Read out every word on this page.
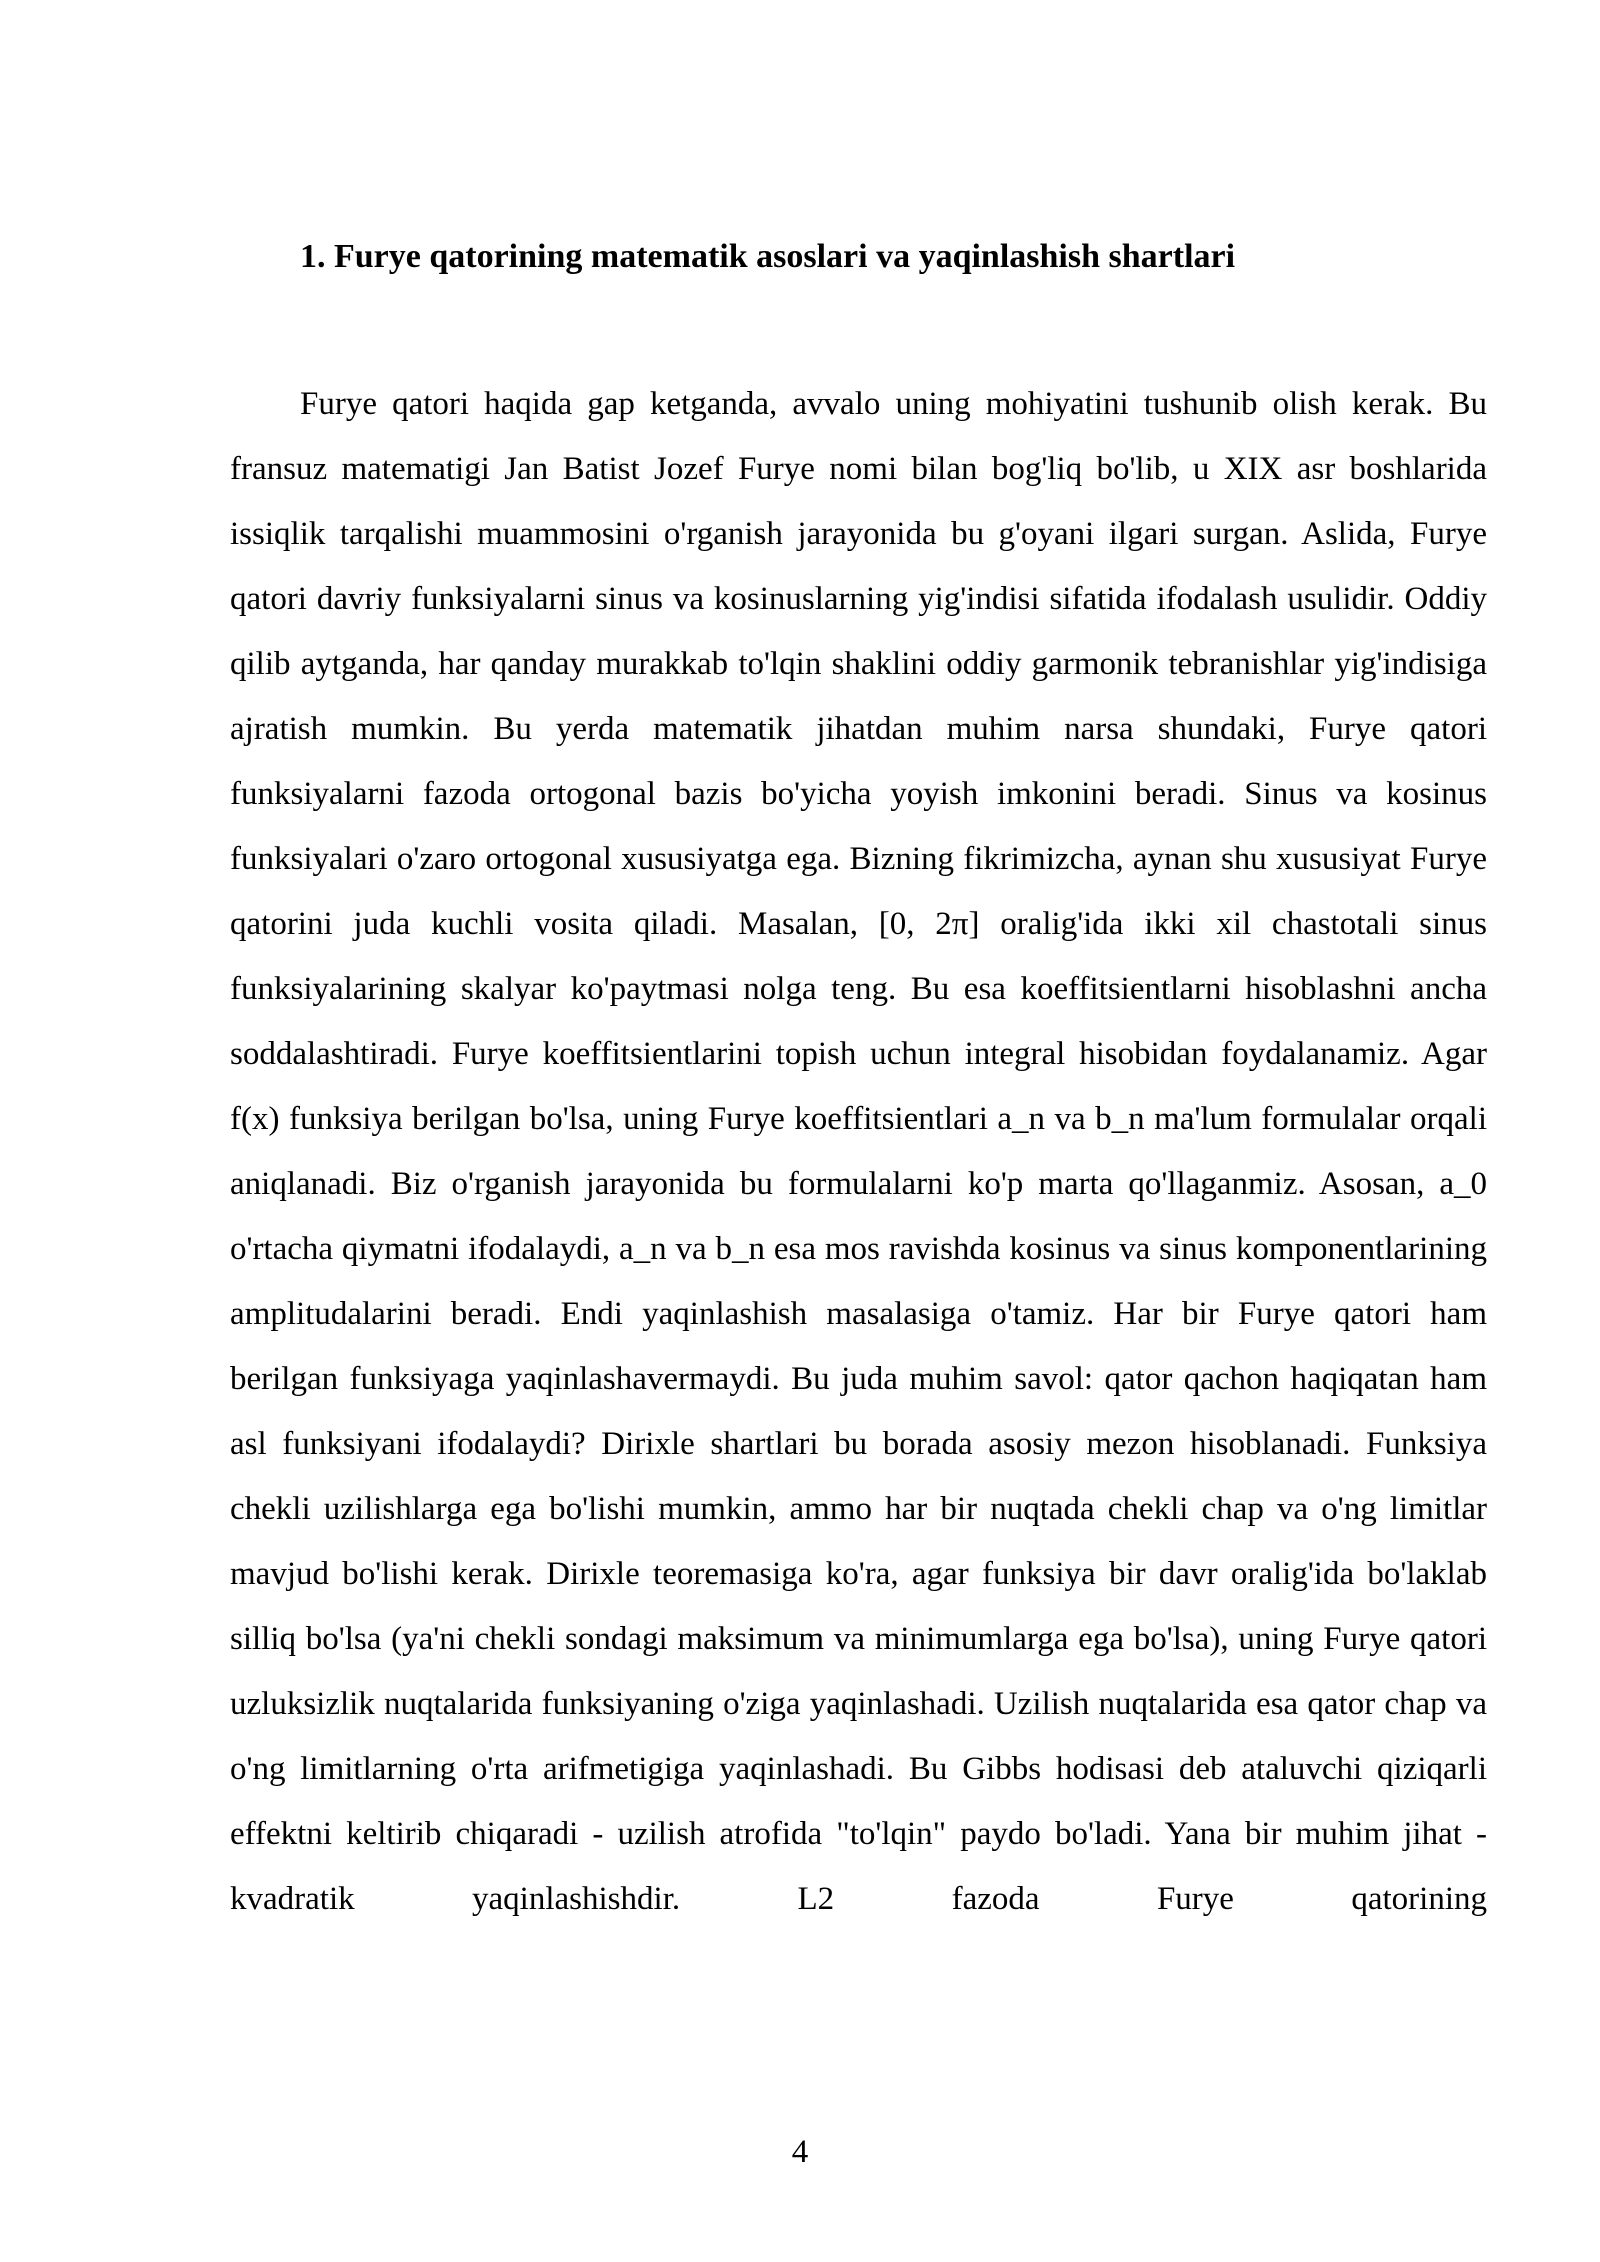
1. Furye qatorining matematik asoslari va yaqinlashish shartlari

Furye qatori haqida gap ketganda, avvalo uning mohiyatini tushunib olish kerak. Bu fransuz matematigi Jan Batist Jozef Furye nomi bilan bog'liq bo'lib, u XIX asr boshlarida issiqlik tarqalishi muammosini o'rganish jarayonida bu g'oyani ilgari surgan. Aslida, Furye qatori davriy funksiyalarni sinus va kosinuslarning yig'indisi sifatida ifodalash usulidir. Oddiy qilib aytganda, har qanday murakkab to'lqin shaklini oddiy garmonik tebranishlar yig'indisiga ajratish mumkin. Bu yerda matematik jihatdan muhim narsa shundaki, Furye qatori funksiyalarni fazoda ortogonal bazis bo'yicha yoyish imkonini beradi. Sinus va kosinus funksiyalari o'zaro ortogonal xususiyatga ega. Bizning fikrimizcha, aynan shu xususiyat Furye qatorini juda kuchli vosita qiladi. Masalan, [0, 2π] oralig'ida ikki xil chastotali sinus funksiyalarining skalyar ko'paytmasi nolga teng. Bu esa koeffitsientlarni hisoblashni ancha soddalashtiradi. Furye koeffitsientlarini topish uchun integral hisobidan foydalanamiz. Agar f(x) funksiya berilgan bo'lsa, uning Furye koeffitsientlari a_n va b_n ma'lum formulalar orqali aniqlanadi. Biz o'rganish jarayonida bu formulalarni ko'p marta qo'llaganmiz. Asosan, a_0 o'rtacha qiymatni ifodalaydi, a_n va b_n esa mos ravishda kosinus va sinus komponentlarining amplitudalarini beradi. Endi yaqinlashish masalasiga o'tamiz. Har bir Furye qatori ham berilgan funksiyaga yaqinlashavermaydi. Bu juda muhim savol: qator qachon haqiqatan ham asl funksiyani ifodalaydi? Dirixle shartlari bu borada asosiy mezon hisoblanadi. Funksiya chekli uzilishlarga ega bo'lishi mumkin, ammo har bir nuqtada chekli chap va o'ng limitlar mavjud bo'lishi kerak. Dirixle teoremasiga ko'ra, agar funksiya bir davr oralig'ida bo'laklab silliq bo'lsa (ya'ni chekli sondagi maksimum va minimumlarga ega bo'lsa), uning Furye qatori uzluksizlik nuqtalarida funksiyaning o'ziga yaqinlashadi. Uzilish nuqtalarida esa qator chap va o'ng limitlarning o'rta arifmetigiga yaqinlashadi. Bu Gibbs hodisasi deb ataluvchi qiziqarli effektni keltirib chiqaradi - uzilish atrofida "to'lqin" paydo bo'ladi. Yana bir muhim jihat - kvadratik yaqinlashishdir. L2 fazoda Furye qatorining

4
